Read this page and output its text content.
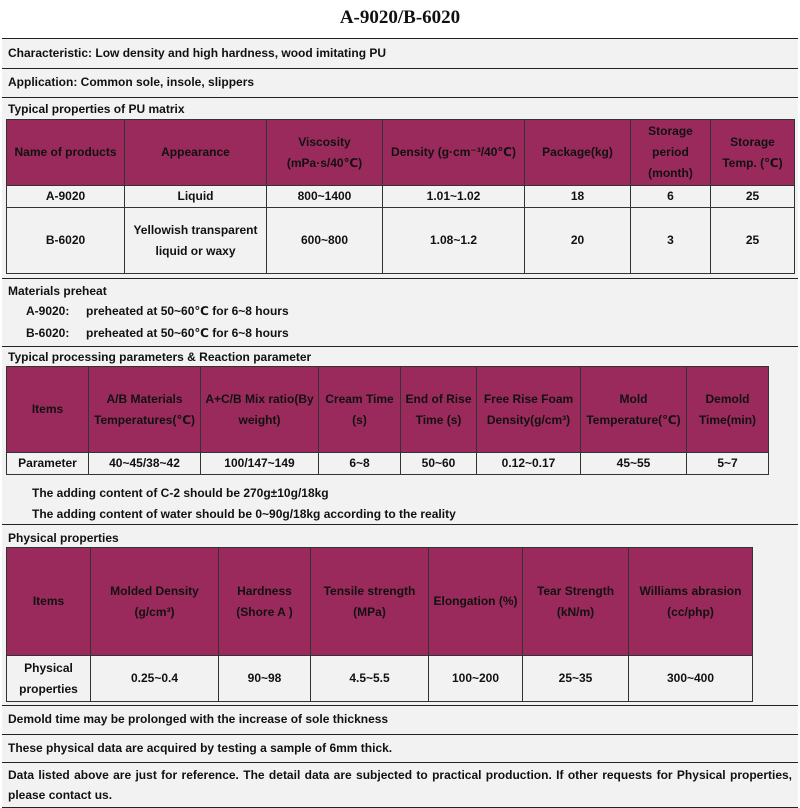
A-9020/B-6020
Characteristic: Low density and high hardness, wood imitating PU
Application: Common sole, insole, slippers
Typical properties of PU matrix
Name of products	Appearance	Viscosity (mPa·s/40℃)	Density (g·cm⁻³/40℃)	Package(kg)	Storage period (month)	Storage Temp. (℃)
A-9020	Liquid	800~1400	1.01~1.02	18	6	25
B-6020	Yellowish transparent liquid or waxy	600~800	1.08~1.2	20	3	25
Materials preheat
A-9020: preheated at 50~60℃ for 6~8 hours
B-6020: preheated at 50~60℃ for 6~8 hours
Typical processing parameters & Reaction parameter
Items	A/B Materials Temperatures(℃)	A+C/B Mix ratio(By weight)	Cream Time (s)	End of Rise Time (s)	Free Rise Foam Density(g/cm³)	Mold Temperature(℃)	Demold Time(min)
Parameter	40~45/38~42	100/147~149	6~8	50~60	0.12~0.17	45~55	5~7
The adding content of C-2 should be 270g±10g/18kg
The adding content of water should be 0~90g/18kg according to the reality
Physical properties
Items	Molded Density (g/cm³)	Hardness (Shore A )	Tensile strength (MPa)	Elongation (%)	Tear Strength (kN/m)	Williams abrasion (cc/php)
Physical properties	0.25~0.4	90~98	4.5~5.5	100~200	25~35	300~400
Demold time may be prolonged with the increase of sole thickness
These physical data are acquired by testing a sample of 6mm thick.
Data listed above are just for reference. The detail data are subjected to practical production. If other requests for Physical properties, please contact us.
